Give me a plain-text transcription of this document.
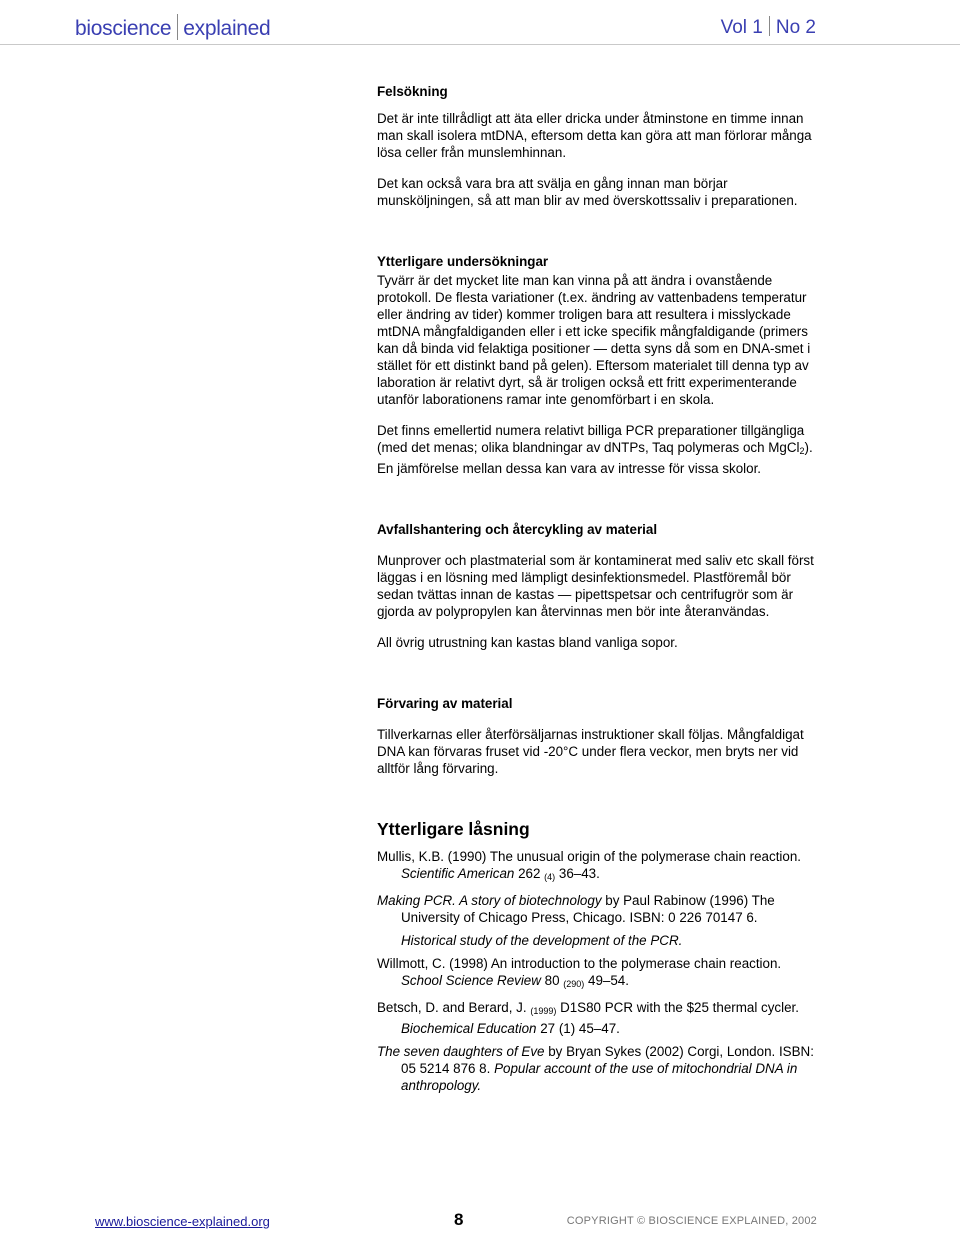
bioscience explained	Vol 1 No 2
Felsökning

Det är inte tillrådligt att äta eller dricka under åtminstone en timme innan man skall isolera mtDNA, eftersom detta kan göra att man förlorar många lösa celler från munslemhinnan.

Det kan också vara bra att svälja en gång innan man börjar munsköljningen, så att man blir av med överskottssaliv i preparationen.

Ytterligare undersökningar

Tyvärr är det mycket lite man kan vinna på att ändra i ovanstående protokoll. De flesta variationer (t.ex. ändring av vattenbadens temperatur eller ändring av tider) kommer troligen bara att resultera i misslyckade mtDNA mångfaldiganden eller i ett icke specifik mångfaldigande (primers kan då binda vid felaktiga positioner — detta syns då som en DNA-smet i stället för ett distinkt band på gelen). Eftersom materialet till denna typ av laboration är relativt dyrt, så är troligen också ett fritt experimenterande utanför laborationens ramar inte genomförbart i en skola.

Det finns emellertid numera relativt billiga PCR preparationer tillgängliga (med det menas; olika blandningar av dNTPs, Taq polymeras och MgCl$_2$). En jämförelse mellan dessa kan vara av intresse för vissa skolor.

Avfallshantering och återcykling av material

Munprover och plastmaterial som är kontaminerat med saliv etc skall först läggas i en lösning med lämpligt desinfektionsmedel. Plastföremål bör sedan tvättas innan de kastas — pipettspetsar och centrifugrör som är gjorda av polypropylen kan återvinnas men bör inte återanvändas.

All övrig utrustning kan kastas bland vanliga sopor.

Förvaring av material

Tillverkarnas eller återförsäljarnas instruktioner skall följas. Mångfaldigat DNA kan förvaras fruset vid -20°C under flera veckor, men bryts ner vid alltför lång förvaring.

Ytterligare låsning

Mullis, K.B. (1990) The unusual origin of the polymerase chain reaction. Scientific American 262 $_{(4)}$ 36–43.

Making PCR. A story of biotechnology by Paul Rabinow (1996) The University of Chicago Press, Chicago. ISBN: 0 226 70147 6.

Historical study of the development of the PCR.

Willmott, C. (1998) An introduction to the polymerase chain reaction. School Science Review 80 $_{(290)}$ 49–54.

Betsch, D. and Berard, J. $_{(1999)}$ D1S80 PCR with the $25 thermal cycler. Biochemical Education 27 (1) 45–47.

The seven daughters of Eve by Bryan Sykes (2002) Corgi, London. ISBN: 05 5214 876 8. Popular account of the use of mitochondrial DNA in anthropology.

www.bioscience-explained.org	8	COPYRIGHT © BIOSCIENCE EXPLAINED, 2002
